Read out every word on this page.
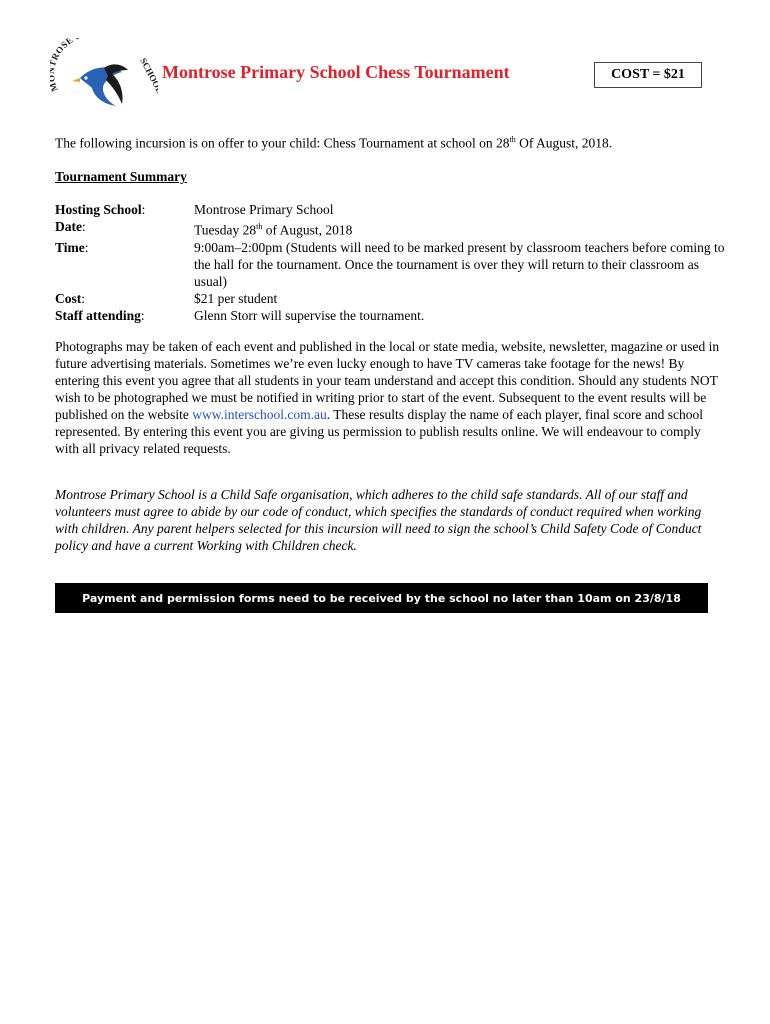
ROSE
SCHOOL
Montrose Primary School Chess Tournament	COST = $21
The following incursion is on offer to your child: Chess Tournament at school on 28th Of August, 2018.
Tournament Summary
Hosting School:	Montrose Primary School
Date:	Tuesday 28th of August, 2018
Time:	9:00am–2:00pm (Students will need to be marked present by classroom teachers before coming to the hall for the tournament. Once the tournament is over they will return to their classroom as usual)
Cost:	$21 per student
Staff attending:	Glenn Storr will supervise the tournament.
Photographs may be taken of each event and published in the local or state media, website, newsletter, magazine or used in future advertising materials. Sometimes we’re even lucky enough to have TV cameras take footage for the news! By entering this event you agree that all students in your team understand and accept this condition. Should any students NOT wish to be photographed we must be notified in writing prior to start of the event. Subsequent to the event results will be published on the website www.interschool.com.au. These results display the name of each player, final score and school represented. By entering this event you are giving us permission to publish results online. We will endeavour to comply with all privacy related requests.
Montrose Primary School is a Child Safe organisation, which adheres to the child safe standards. All of our staff and volunteers must agree to abide by our code of conduct, which specifies the standards of conduct required when working with children. Any parent helpers selected for this incursion will need to sign the school’s Child Safety Code of Conduct policy and have a current Working with Children check.
Payment and permission forms need to be received by the school no later than 10am on 23/8/18
